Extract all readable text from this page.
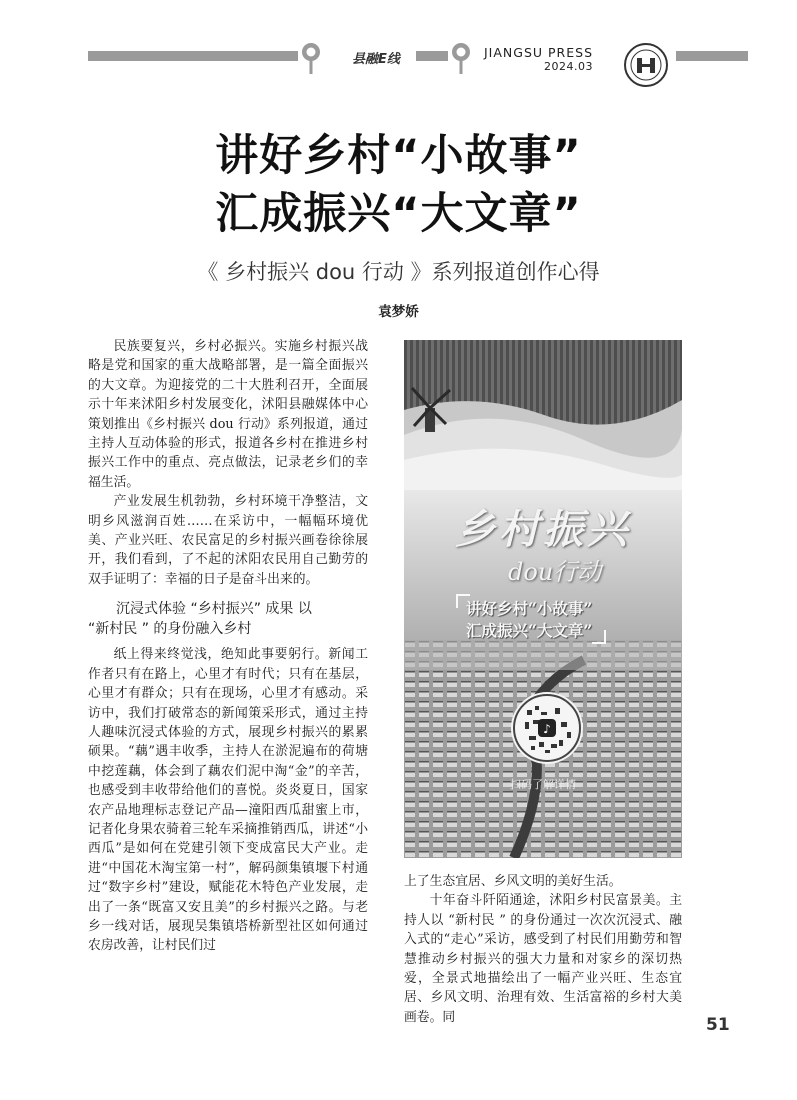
县融E线	JIANGSU PRESS
2024.03
讲好乡村“小故事”
汇成振兴“大文章”
《 乡村振兴 dou 行动 》系列报道创作心得
袁梦娇

民族要复兴，乡村必振兴。实施乡村振兴战略是党和国家的重大战略部署，是一篇全面振兴的大文章。为迎接党的二十大胜利召开，全面展示十年来沭阳乡村发展变化，沭阳县融媒体中心策划推出《乡村振兴 dou 行动》系列报道，通过主持人互动体验的形式，报道各乡村在推进乡村振兴工作中的重点、亮点做法，记录老乡们的幸福生活。

产业发展生机勃勃，乡村环境干净整洁，文明乡风滋润百姓……在采访中，一幅幅环境优美、产业兴旺、农民富足的乡村振兴画卷徐徐展开，我们看到，了不起的沭阳农民用自己勤劳的双手证明了：幸福的日子是奋斗出来的。

沉浸式体验 “乡村振兴” 成果 以
“新村民 ” 的身份融入乡村

纸上得来终觉浅，绝知此事要躬行。新闻工作者只有在路上，心里才有时代；只有在基层，心里才有群众；只有在现场，心里才有感动。采访中，我们打破常态的新闻策采形式，通过主持人趣味沉浸式体验的方式，展现乡村振兴的累累硕果。“藕”遇丰收季，主持人在淤泥遍布的荷塘中挖莲藕，体会到了藕农们泥中淘“金”的辛苦，也感受到丰收带给他们的喜悦。炎炎夏日，国家农产品地理标志登记产品—潼阳西瓜甜蜜上市，记者化身果农骑着三轮车采摘推销西瓜，讲述“小西瓜”是如何在党建引领下变成富民大产业。走进“中国花木淘宝第一村”，解码颜集镇堰下村通过“数字乡村”建设，赋能花木特色产业发展，走出了一条“既富又安且美”的乡村振兴之路。与老乡一线对话，展现吴集镇塔桥新型社区如何通过农房改善，让村民们过

乡村振兴
dou行动
讲好乡村“小故事”
汇成振兴“大文章”
♪
扫码了解详情
上了生态宜居、乡风文明的美好生活。

十年奋斗阡陌通途，沭阳乡村民富景美。主持人以 “新村民 ” 的身份通过一次次沉浸式、融入式的“走心”采访，感受到了村民们用勤劳和智慧推动乡村振兴的强大力量和对家乡的深切热爱，全景式地描绘出了一幅产业兴旺、生态宜居、乡风文明、治理有效、生活富裕的乡村大美画卷。同	51
